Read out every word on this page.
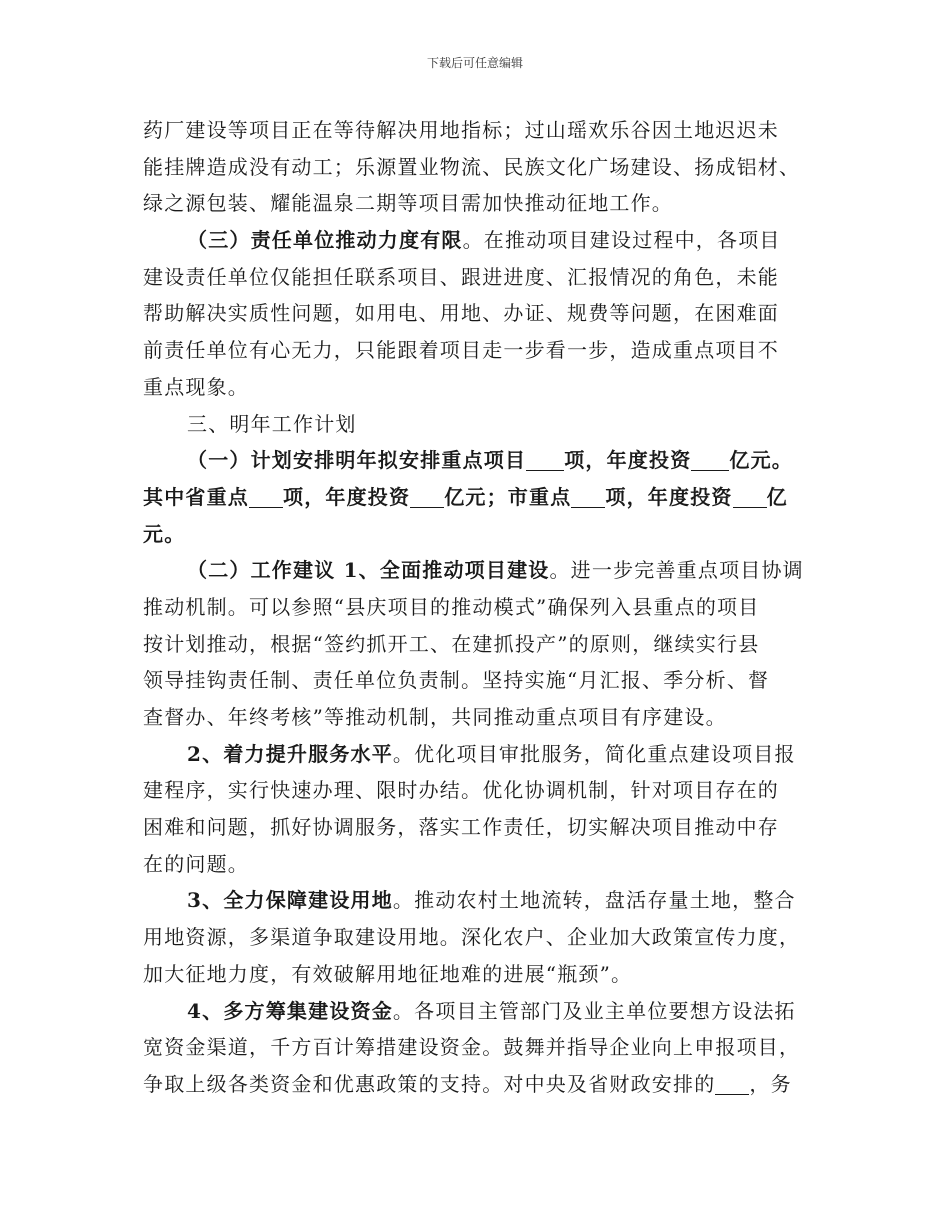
下载后可任意编辑
药厂建设等项目正在等待解决用地指标；过山瑶欢乐谷因土地迟迟未
能挂牌造成没有动工；乐源置业物流、民族文化广场建设、扬成铝材、
绿之源包装、耀能温泉二期等项目需加快推动征地工作。
（三）责任单位推动力度有限。在推动项目建设过程中，各项目
建设责任单位仅能担任联系项目、跟进进度、汇报情况的角色，未能
帮助解决实质性问题，如用电、用地、办证、规费等问题，在困难面
前责任单位有心无力，只能跟着项目走一步看一步，造成重点项目不
重点现象。
三、明年工作计划
（一）计划安排明年拟安排重点项目 项，年度投资 亿元。
其中省重点 项，年度投资 亿元；市重点 项，年度投资 亿
元。
（二）工作建议 1、全面推动项目建设。进一步完善重点项目协调
推动机制。可以参照“县庆项目的推动模式”确保列入县重点的项目
按计划推动，根据“签约抓开工、在建抓投产”的原则，继续实行县
领导挂钩责任制、责任单位负责制。坚持实施“月汇报、季分析、督
查督办、年终考核”等推动机制，共同推动重点项目有序建设。
2、着力提升服务水平。优化项目审批服务，简化重点建设项目报
建程序，实行快速办理、限时办结。优化协调机制，针对项目存在的
困难和问题，抓好协调服务，落实工作责任，切实解决项目推动中存
在的问题。
3、全力保障建设用地。推动农村土地流转，盘活存量土地，整合
用地资源，多渠道争取建设用地。深化农户、企业加大政策宣传力度，
加大征地力度，有效破解用地征地难的进展“瓶颈”。
4、多方筹集建设资金。各项目主管部门及业主单位要想方设法拓
宽资金渠道，千方百计筹措建设资金。鼓舞并指导企业向上申报项目，
争取上级各类资金和优惠政策的支持。对中央及省财政安排的 ，务
